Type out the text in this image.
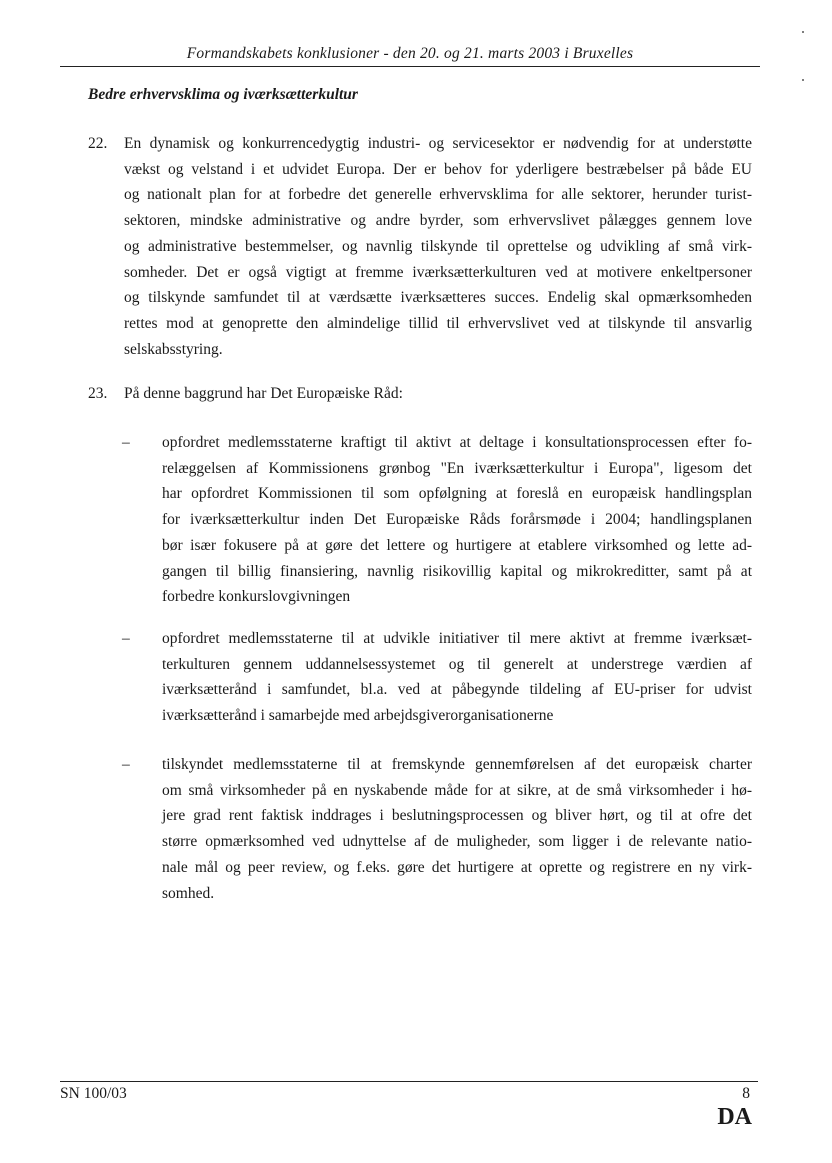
Formandskabets konklusioner - den 20. og 21. marts 2003 i Bruxelles
Bedre erhvervsklima og iværksætterkultur
22. En dynamisk og konkurrencedygtig industri- og servicesektor er nødvendig for at understøtte
vækst og velstand i et udvidet Europa. Der er behov for yderligere bestræbelser på både EU
og nationalt plan for at forbedre det generelle erhvervsklima for alle sektorer, herunder turist-
sektoren, mindske administrative og andre byrder, som erhvervslivet pålægges gennem love
og administrative bestemmelser, og navnlig tilskynde til oprettelse og udvikling af små virk-
somheder. Det er også vigtigt at fremme iværksætterkulturen ved at motivere enkeltpersoner
og tilskynde samfundet til at værdsætte iværksætteres succes. Endelig skal opmærksomheden
rettes mod at genoprette den almindelige tillid til erhvervslivet ved at tilskynde til ansvarlig
selskabsstyring.
23. På denne baggrund har Det Europæiske Råd:
– opfordret medlemsstaterne kraftigt til aktivt at deltage i konsultationsprocessen efter fo-
relæggelsen af Kommissionens grønbog "En iværksætterkultur i Europa", ligesom det
har opfordret Kommissionen til som opfølgning at foreslå en europæisk handlingsplan
for iværksætterkultur inden Det Europæiske Råds forårsmøde i 2004; handlingsplanen
bør især fokusere på at gøre det lettere og hurtigere at etablere virksomhed og lette ad-
gangen til billig finansiering, navnlig risikovillig kapital og mikrokreditter, samt på at
forbedre konkurslovgivningen
– opfordret medlemsstaterne til at udvikle initiativer til mere aktivt at fremme iværksæt-
terkulturen gennem uddannelsessystemet og til generelt at understrege værdien af
iværksætterånd i samfundet, bl.a. ved at påbegynde tildeling af EU-priser for udvist
iværksætterånd i samarbejde med arbejdsgiverorganisationerne
– tilskyndet medlemsstaterne til at fremskynde gennemførelsen af det europæisk charter
om små virksomheder på en nyskabende måde for at sikre, at de små virksomheder i hø-
jere grad rent faktisk inddrages i beslutningsprocessen og bliver hørt, og til at ofre det
større opmærksomhed ved udnyttelse af de muligheder, som ligger i de relevante natio-
nale mål og peer review, og f.eks. gøre det hurtigere at oprette og registrere en ny virk-
somhed.
SN 100/03	8
DA
